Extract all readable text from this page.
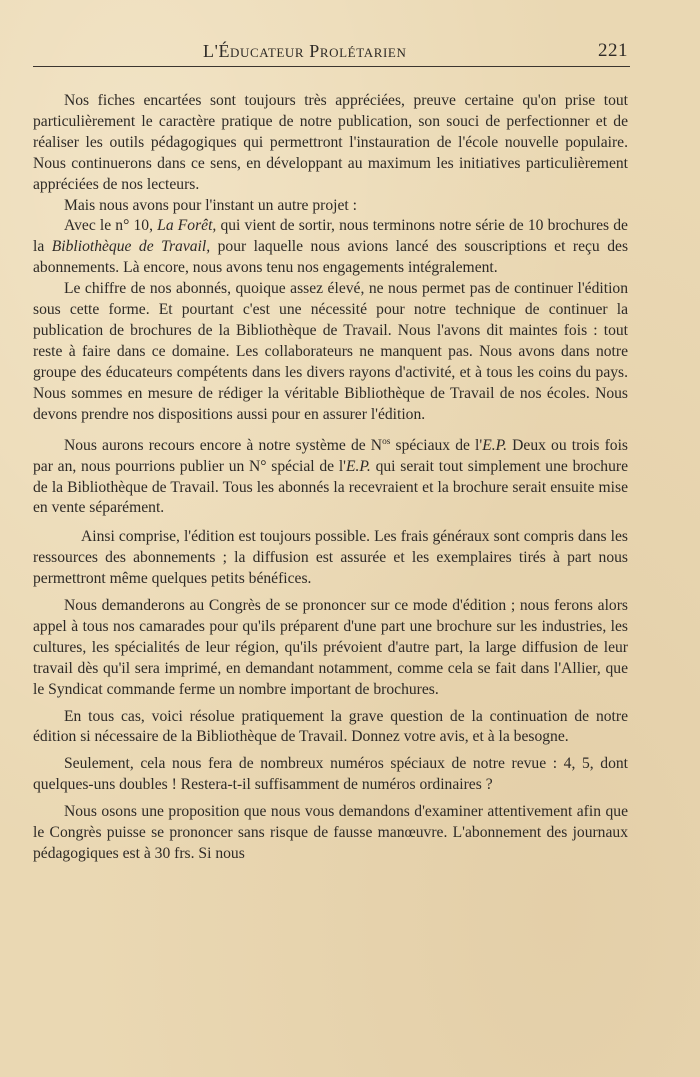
L'Éducateur Prolétarien	221

Nos fiches encartées sont toujours très appréciées, preuve certaine qu'on prise tout particulièrement le caractère pratique de notre publication, son souci de perfectionner et de réaliser les outils pédagogiques qui permettront l'instauration de l'école nouvelle populaire. Nous continuerons dans ce sens, en développant au maximum les initiatives particulièrement appréciées de nos lecteurs.

Mais nous avons pour l'instant un autre projet :

Avec le n° 10, La Forêt, qui vient de sortir, nous terminons notre série de 10 brochures de la Bibliothèque de Travail, pour laquelle nous avions lancé des souscriptions et reçu des abonnements. Là encore, nous avons tenu nos engagements intégralement.

Le chiffre de nos abonnés, quoique assez élevé, ne nous permet pas de continuer l'édition sous cette forme. Et pourtant c'est une nécessité pour notre technique de continuer la publication de brochures de la Bibliothèque de Travail. Nous l'avons dit maintes fois : tout reste à faire dans ce domaine. Les collaborateurs ne manquent pas. Nous avons dans notre groupe des éducateurs compétents dans les divers rayons d'activité, et à tous les coins du pays. Nous sommes en mesure de rédiger la véritable Bibliothèque de Travail de nos écoles. Nous devons prendre nos dispositions aussi pour en assurer l'édition.

Nous aurons recours encore à notre système de $N^{os}$ spéciaux de l'E.P. Deux ou trois fois par an, nous pourrions publier un N° spécial de l'E.P. qui serait tout simplement une brochure de la Bibliothèque de Travail. Tous les abonnés la recevraient et la brochure serait ensuite mise en vente séparément.

Ainsi comprise, l'édition est toujours possible. Les frais généraux sont compris dans les ressources des abonnements ; la diffusion est assurée et les exemplaires tirés à part nous permettront même quelques petits bénéfices.

Nous demanderons au Congrès de se prononcer sur ce mode d'édition ; nous ferons alors appel à tous nos camarades pour qu'ils préparent d'une part une brochure sur les industries, les cultures, les spécialités de leur région, qu'ils prévoient d'autre part, la large diffusion de leur travail dès qu'il sera imprimé, en demandant notamment, comme cela se fait dans l'Allier, que le Syndicat commande ferme un nombre important de brochures.

En tous cas, voici résolue pratiquement la grave question de la continuation de notre édition si nécessaire de la Bibliothèque de Travail. Donnez votre avis, et à la besogne.

Seulement, cela nous fera de nombreux numéros spéciaux de notre revue : 4, 5, dont quelques-uns doubles ! Restera-t-il suffisamment de numéros ordinaires ?

Nous osons une proposition que nous vous demandons d'examiner attentivement afin que le Congrès puisse se prononcer sans risque de fausse manœuvre. L'abonnement des journaux pédagogiques est à 30 frs. Si nous
